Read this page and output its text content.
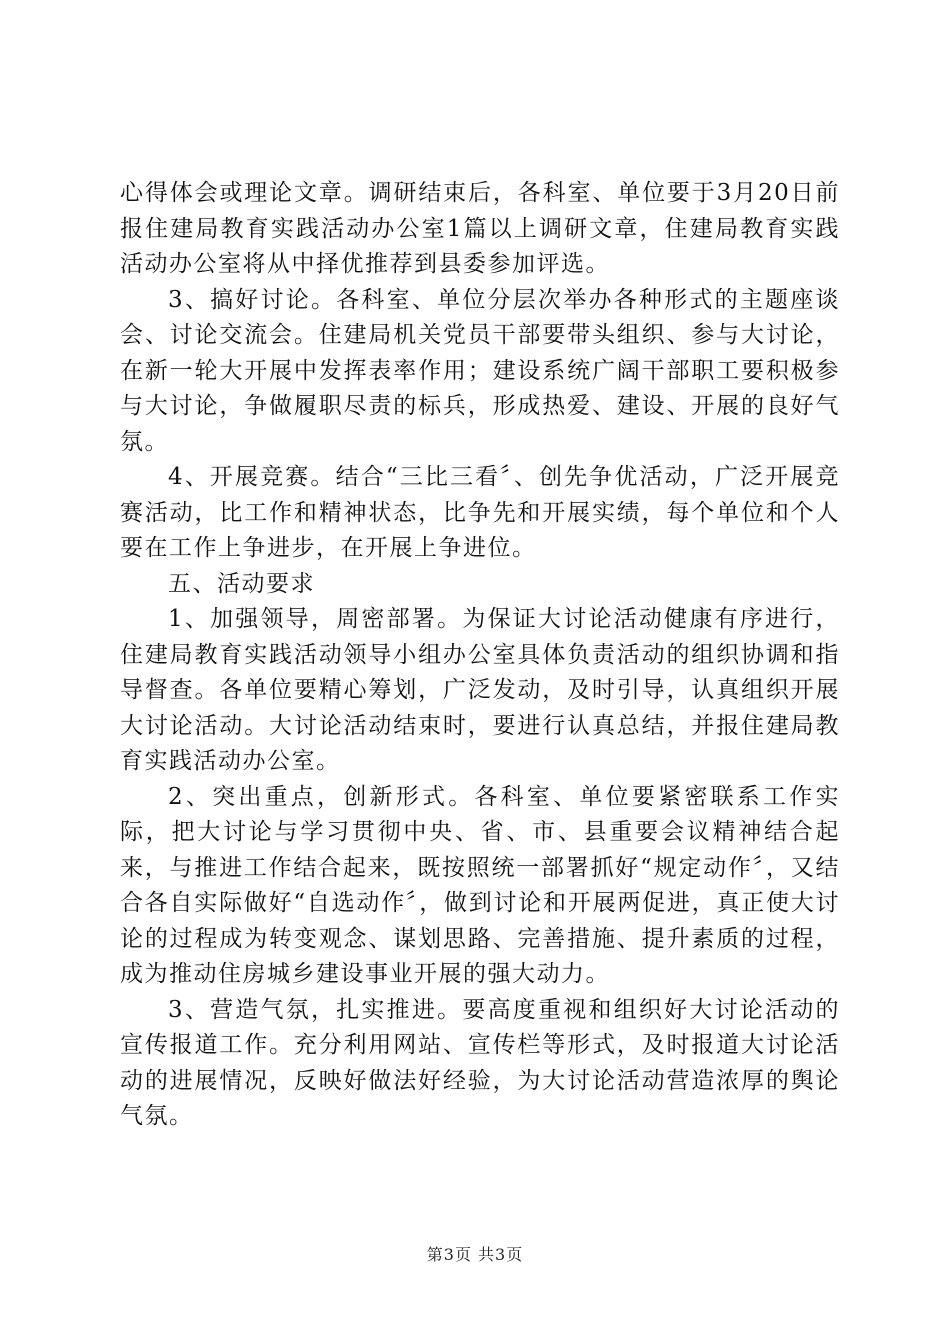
心得体会或理论文章。调研结束后，各科室、单位要于3月20日前报住建局教育实践活动办公室1篇以上调研文章，住建局教育实践活动办公室将从中择优推荐到县委参加评选。

3、搞好讨论。各科室、单位分层次举办各种形式的主题座谈会、讨论交流会。住建局机关党员干部要带头组织、参与大讨论，在新一轮大开展中发挥表率作用；建设系统广阔干部职工要积极参与大讨论，争做履职尽责的标兵，形成热爱、建设、开展的良好气氛。

4、开展竞赛。结合“三比三看〞、创先争优活动，广泛开展竞赛活动，比工作和精神状态，比争先和开展实绩，每个单位和个人要在工作上争进步，在开展上争进位。

五、活动要求

1、加强领导，周密部署。为保证大讨论活动健康有序进行，住建局教育实践活动领导小组办公室具体负责活动的组织协调和指导督查。各单位要精心筹划，广泛发动，及时引导，认真组织开展大讨论活动。大讨论活动结束时，要进行认真总结，并报住建局教育实践活动办公室。

2、突出重点，创新形式。各科室、单位要紧密联系工作实际，把大讨论与学习贯彻中央、省、市、县重要会议精神结合起来，与推进工作结合起来，既按照统一部署抓好“规定动作〞，又结合各自实际做好“自选动作〞，做到讨论和开展两促进，真正使大讨论的过程成为转变观念、谋划思路、完善措施、提升素质的过程，成为推动住房城乡建设事业开展的强大动力。

3、营造气氛，扎实推进。要高度重视和组织好大讨论活动的宣传报道工作。充分利用网站、宣传栏等形式，及时报道大讨论活动的进展情况，反映好做法好经验，为大讨论活动营造浓厚的舆论气氛。

第3页 共3页
